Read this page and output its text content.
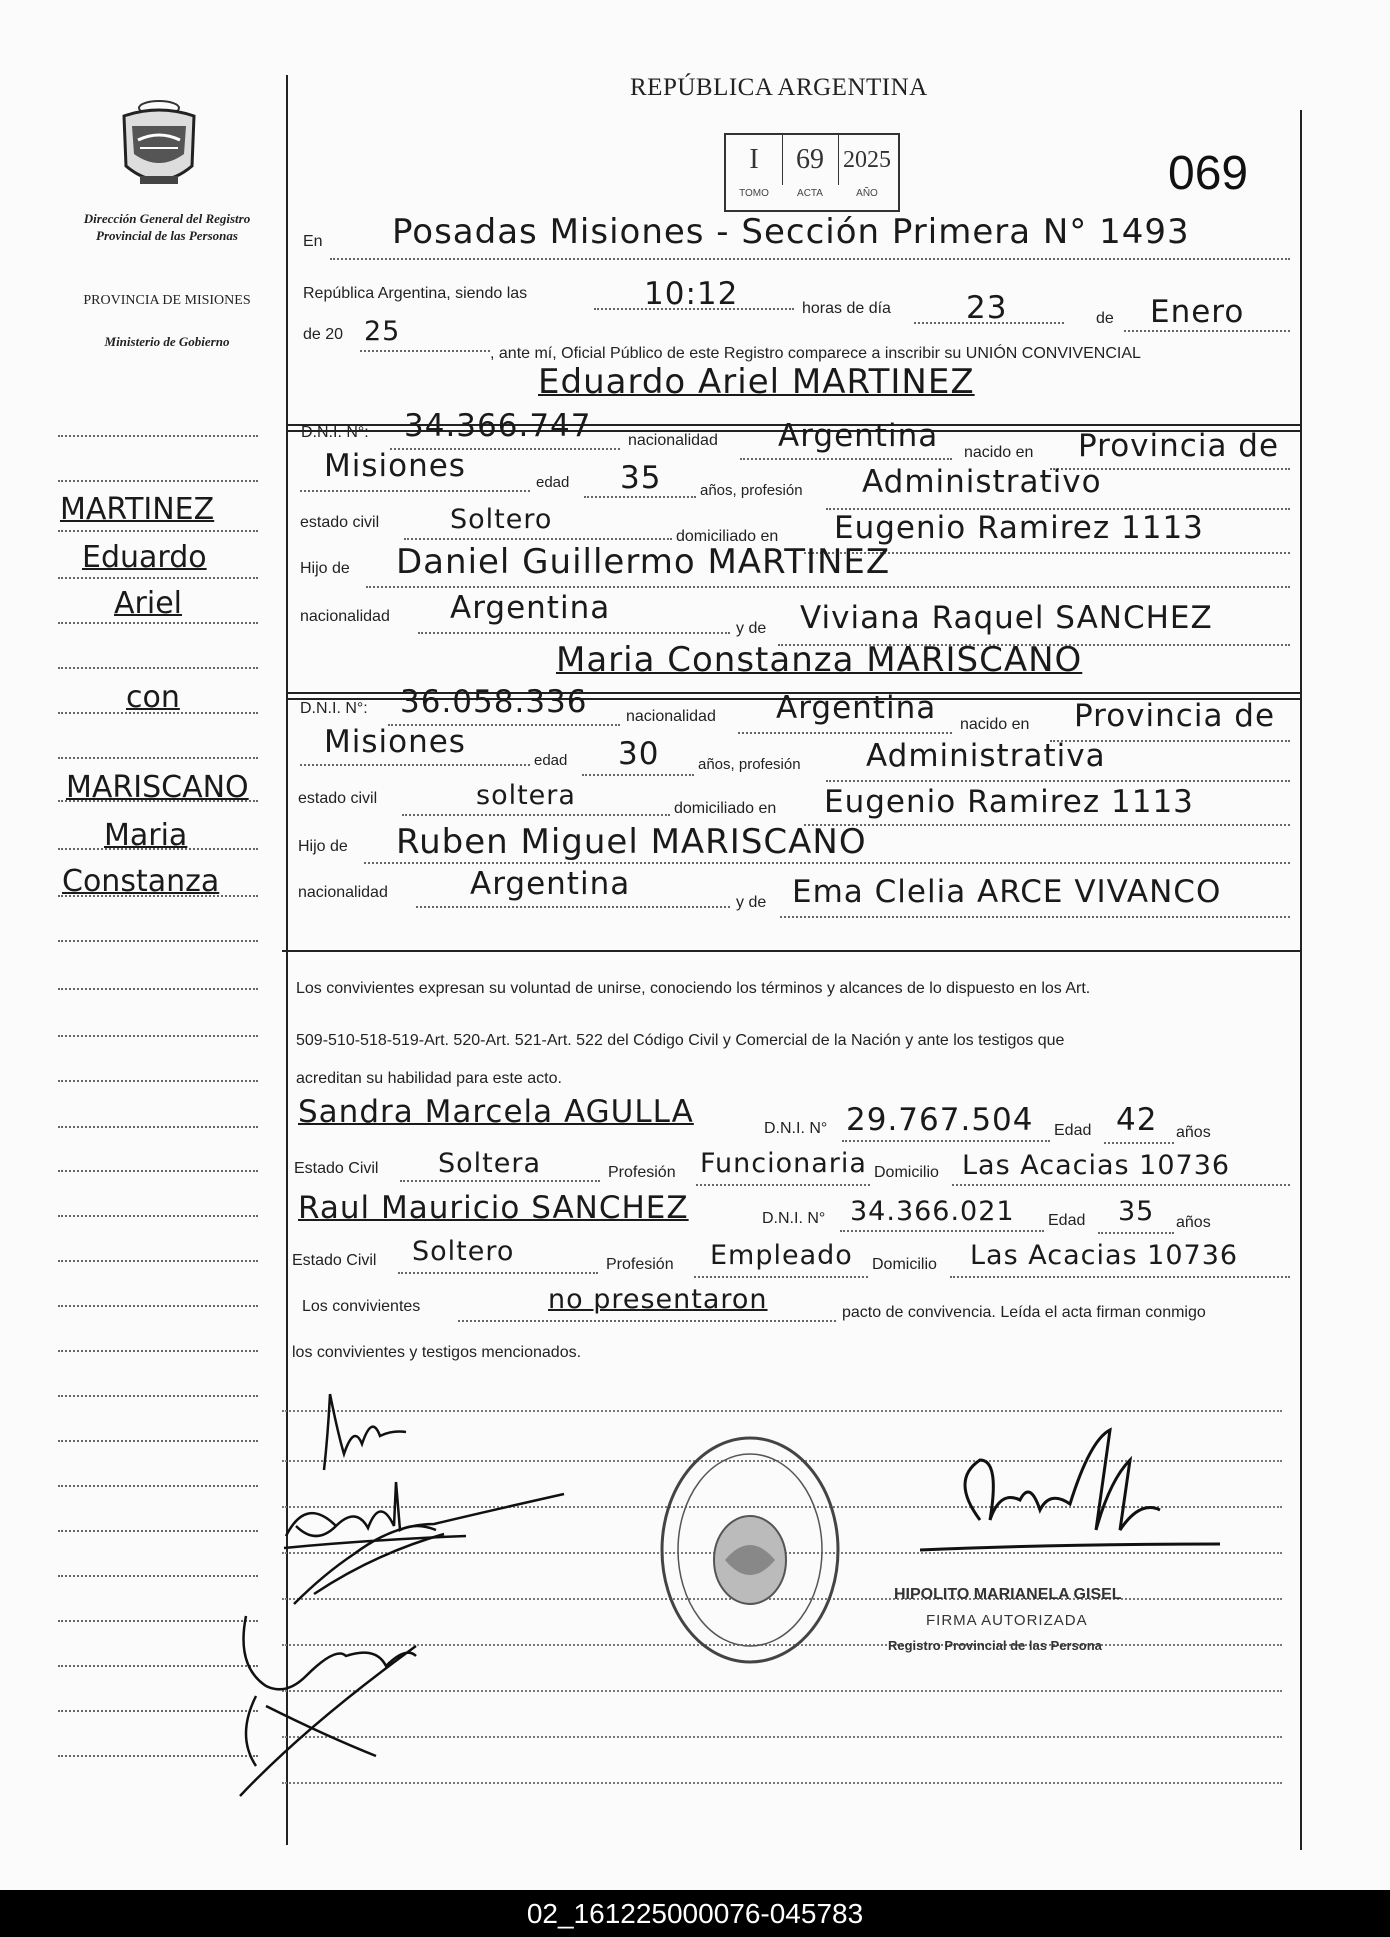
Dirección General del Registro Provincial de las Personas
PROVINCIA DE MISIONES
Ministerio de Gobierno
MARTINEZ
Eduardo
Ariel
con
MARISCANO
Maria
Constanza
REPÚBLICA ARGENTINA
I	69 2025
TOMO	ACTA	AÑO	069
En Posadas Misiones - Sección Primera N° 1493
República Argentina, siendo las	10:12	horas de día 23	de Enero
de 20 25
, ante mí, Oficial Público de este Registro comparece a inscribir su UNIÓN CONVIVENCIAL
Eduardo Ariel MARTINEZ
D.N.I. N°: 34.366.747 nacionalidad Argentina nacido en Provincia de
Misiones	edad 35	años, profesión Administrativo
estado civil	Soltero
domiciliado en Eugenio Ramirez 1113
Hijo de Daniel Guillermo MARTINEZ
nacionalidad Argentina
y de Viviana Raquel SANCHEZ
Maria Constanza MARISCANO
D.N.I. N°: 36.058.336 nacionalidad Argentina nacido en Provincia de
Misiones
edad 30	años, profesión Administrativa
estado civil	soltera	domiciliado en Eugenio Ramirez 1113
Hijo de Ruben Miguel MARISCANO
nacionalidad	Argentina
y de Ema Clelia ARCE VIVANCO
Los convivientes expresan su voluntad de unirse, conociendo los términos y alcances de lo dispuesto en los Art.
509-510-518-519-Art. 520-Art. 521-Art. 522 del Código Civil y Comercial de la Nación y ante los testigos que
acreditan su habilidad para este acto.
Sandra Marcela AGULLA	D.N.I. N° 29.767.504 Edad 42 años
Estado Civil Soltera	Profesión Funcionaria Domicilio Las Acacias 10736
Raul Mauricio SANCHEZ	D.N.I. N° 34.366.021 Edad 35 años
Estado Civil Soltero	Profesión Empleado Domicilio Las Acacias 10736
Los convivientes	no presentaron	pacto de convivencia. Leída el acta firman conmigo
los convivientes y testigos mencionados.
HIPOLITO MARIANELA GISEL
FIRMA AUTORIZADA
Registro Provincial de las Persona
02_161225000076-045783
